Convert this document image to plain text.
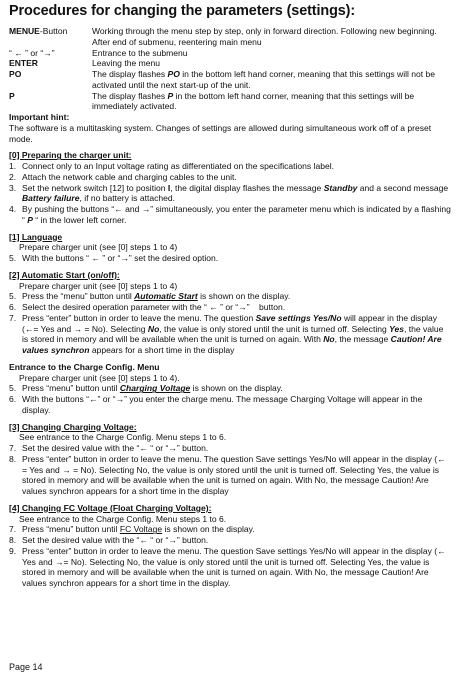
Procedures for changing the parameters (settings):
MENUE-Button	Working through the menu step by step, only in forward direction. Following new beginning. After end of submenu, reentering main menu
“ ← ” or “→”	Entrance to the submenu
ENTER	Leaving the menu
PO	The display flashes PO in the bottom left hand corner, meaning that this settings will not be activated until the next start-up of the unit.
P	The display flashes P in the bottom left hand corner, meaning that this settings will be immediately activated.
Important hint:
The software is a multitasking system. Changes of settings are allowed during simultaneous work off of a preset mode.
[0] Preparing the charger unit:
1. Connect only to an Input voltage rating as differentiated on the specifications label.
2. Attach the network cable and charging cables to the unit.
3. Set the network switch [12] to position I, the digital display flashes the message Standby and a second message Battery failure, if no battery is attached.
4. By pushing the buttons “← and →” simultaneously, you enter the parameter menu which is indicated by a flashing “ P “ in the lower left corner.
[1] Language
Prepare charger unit (see [0] steps 1 to 4)
5. With the buttons “ ← ” or “→” set the desired option.
[2] Automatic Start (on/off):
Prepare charger unit (see [0] steps 1 to 4)
5. Press the “menu” button until Automatic Start is shown on the display.
6. Select the desired operation parameter with the “ ← ” or “→”    button.
7. Press “enter” button in order to leave the menu. The question Save settings Yes/No will appear in the display (←= Yes and → = No). Selecting No, the value is only stored until the unit is turned off. Selecting Yes, the value is stored in memory and will be available when the unit is turned on again. With No, the message Caution! Are values synchron appears for a short time in the display
Entrance to the Charge Config. Menu
Prepare charger unit (see [0] steps 1 to 4).
5. Press “menu” button until Charging Voltage is shown on the display.
6. With the buttons “←” or “→” you enter the charge menu. The message Charging Voltage will appear in the display.
[3] Changing Charging Voltage:
See entrance to the Charge Config. Menu steps 1 to 6.
7. Set the desired value with the “← “ or “→” button.
8. Press “enter” button in order to leave the menu. The question Save settings Yes/No will appear in the display (← = Yes and → = No). Selecting No, the value is only stored until the unit is turned off. Selecting Yes, the value is stored in memory and will be available when the unit is turned on again. With No, the message Caution! Are values synchron appears for a short time in the display
[4] Changing FC Voltage (Float Charging Voltage):
See entrance to the Charge Config. Menu steps 1 to 6.
7. Press “menu” button until FC Voltage is shown on the display.
8. Set the desired value with the “← “ or “→” button.
9. Press “enter” button in order to leave the menu. The question Save settings Yes/No will appear in the display (← Yes and →= No). Selecting No, the value is only stored until the unit is turned off. Selecting Yes, the value is stored in memory and will be available when the unit is turned on again. With No, the message Caution! Are values synchron appears for a short time in the display.
Page 14
